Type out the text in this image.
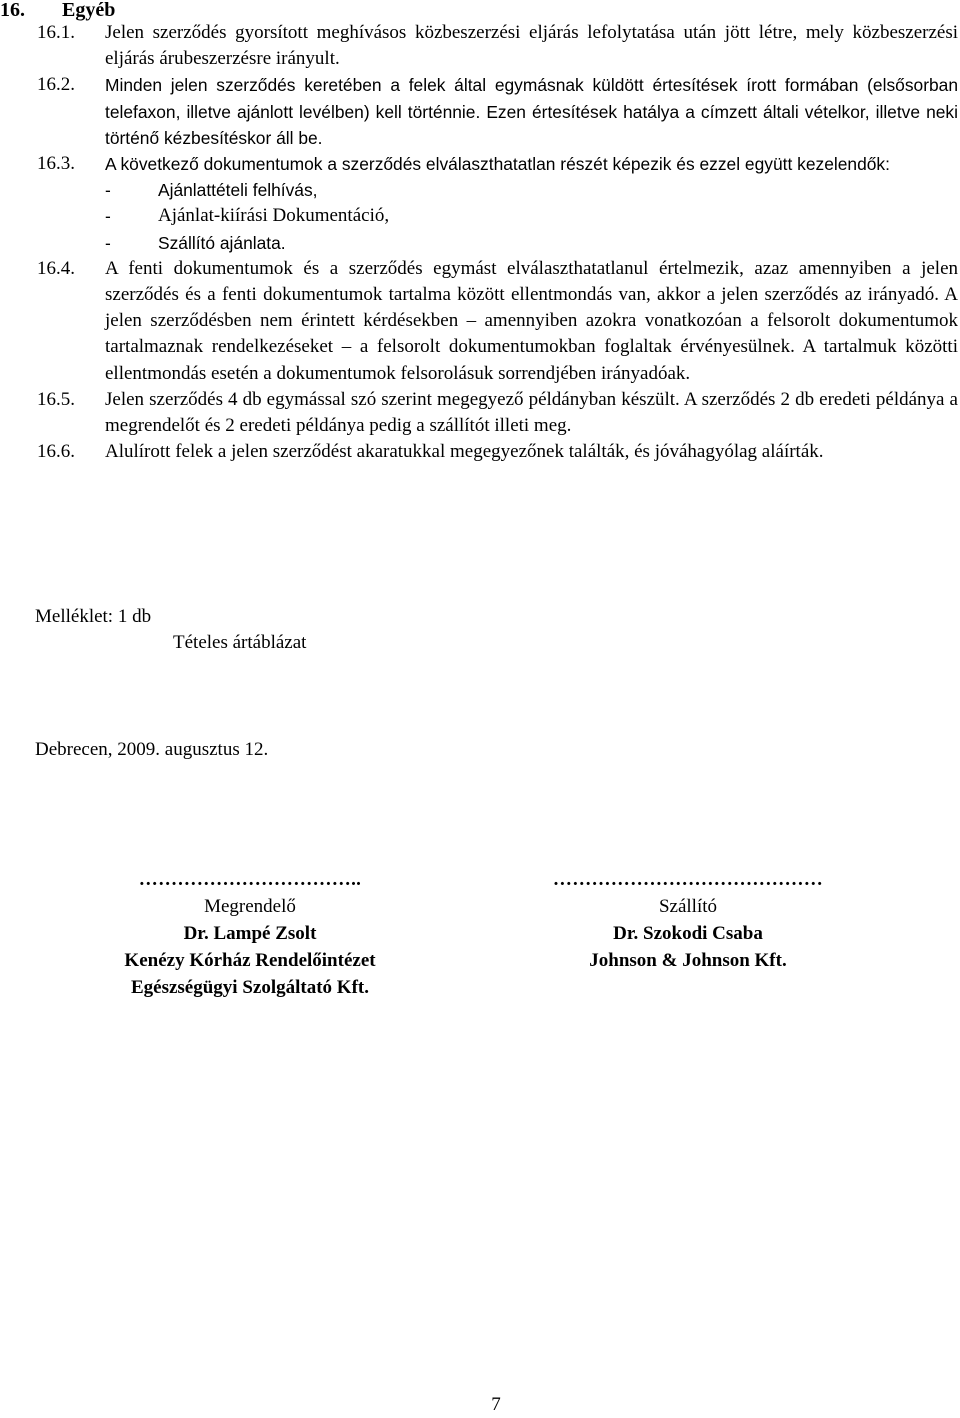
16. Egyéb
16.1.	Jelen szerződés gyorsított meghívásos közbeszerzési eljárás lefolytatása után jött létre, mely közbeszerzési eljárás árubeszerzésre irányult.

16.2.	Minden jelen szerződés keretében a felek által egymásnak küldött értesítések írott formában (elsősorban telefaxon, illetve ajánlott levélben) kell történnie. Ezen értesítések hatálya a címzett általi vételkor, illetve neki történő kézbesítéskor áll be.

16.3.	A következő dokumentumok a szerződés elválaszthatatlan részét képezik és ezzel együtt kezelendők:

-	Ajánlattételi felhívás,
-	Ajánlat-kiírási Dokumentáció,
-	Szállító ajánlata.
16.4.	A fenti dokumentumok és a szerződés egymást elválaszthatatlanul értelmezik, azaz amennyiben a jelen szerződés és a fenti dokumentumok tartalma között ellentmondás van, akkor a jelen szerződés az irányadó. A jelen szerződésben nem érintett kérdésekben – amennyiben azokra vonatkozóan a felsorolt dokumentumok tartalmaznak rendelkezéseket – a felsorolt dokumentumokban foglaltak érvényesülnek. A tartalmuk közötti ellentmondás esetén a dokumentumok felsorolásuk sorrendjében irányadóak.

16.5.	Jelen szerződés 4 db egymással szó szerint megegyező példányban készült. A szerződés 2 db eredeti példánya a megrendelőt és 2 eredeti példánya pedig a szállítót illeti meg.

16.6.	Alulírott felek a jelen szerződést akaratukkal megegyezőnek találták, és jóváhagyólag aláírták.

Melléklet: 1 db
Tételes ártáblázat
Debrecen, 2009. augusztus 12.
……………………………..
Megrendelő
Dr. Lampé Zsolt
Kenézy Kórház Rendelőintézet
Egészségügyi Szolgáltató Kft.
……………………………………
Szállító
Dr. Szokodi Csaba
Johnson & Johnson Kft.
7
